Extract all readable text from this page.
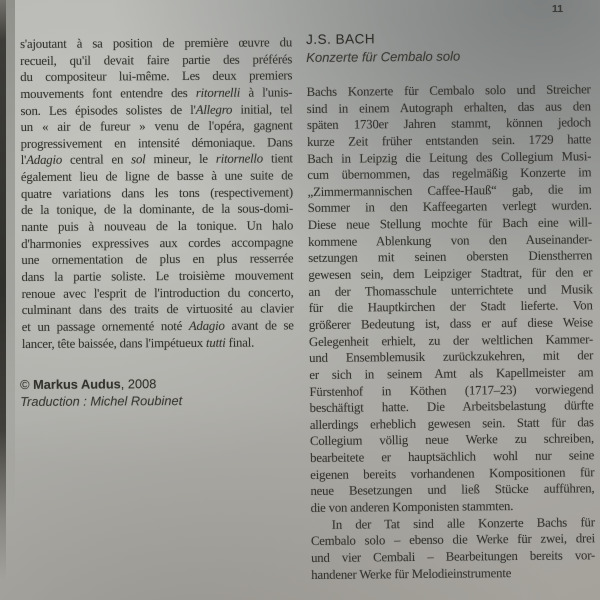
11
s'ajoutant à sa position de première œuvre du
recueil, qu'il devait faire partie des préférés
du compositeur lui-même. Les deux premiers
mouvements font entendre des ritornelli à l'unis-
son. Les épisodes solistes de l'Allegro initial, tel
un « air de fureur » venu de l'opéra, gagnent
progressivement en intensité démoniaque. Dans
l'Adagio central en sol mineur, le ritornello tient
également lieu de ligne de basse à une suite de
quatre variations dans les tons (respectivement)
de la tonique, de la dominante, de la sous-domi-
nante puis à nouveau de la tonique. Un halo
d'harmonies expressives aux cordes accompagne
une ornementation de plus en plus resserrée
dans la partie soliste. Le troisième mouvement
renoue avec l'esprit de l'introduction du concerto,
culminant dans des traits de virtuosité au clavier
et un passage ornementé noté Adagio avant de se
lancer, tête baissée, dans l'impétueux tutti final.
© Markus Audus, 2008
Traduction : Michel Roubinet
J.S. BACH
Konzerte für Cembalo solo
Bachs Konzerte für Cembalo solo und Streicher
sind in einem Autograph erhalten, das aus den
späten 1730er Jahren stammt, können jedoch
kurze Zeit früher entstanden sein. 1729 hatte
Bach in Leipzig die Leitung des Collegium Musi-
cum übernommen, das regelmäßig Konzerte im
„Zimmermannischen Caffee-Hauß“ gab, die im
Sommer in den Kaffeegarten verlegt wurden.
Diese neue Stellung mochte für Bach eine will-
kommene Ablenkung von den Auseinander-
setzungen mit seinen obersten Dienstherren
gewesen sein, dem Leipziger Stadtrat, für den er
an der Thomasschule unterrichtete und Musik
für die Hauptkirchen der Stadt lieferte. Von
größerer Bedeutung ist, dass er auf diese Weise
Gelegenheit erhielt, zu der weltlichen Kammer-
und Ensemblemusik zurückzukehren, mit der
er sich in seinem Amt als Kapellmeister am
Fürstenhof in Köthen (1717–23) vorwiegend
beschäftigt hatte. Die Arbeitsbelastung dürfte
allerdings erheblich gewesen sein. Statt für das
Collegium völlig neue Werke zu schreiben,
bearbeitete er hauptsächlich wohl nur seine
eigenen bereits vorhandenen Kompositionen für
neue Besetzungen und ließ Stücke aufführen,
die von anderen Komponisten stammten.
In der Tat sind alle Konzerte Bachs für
Cembalo solo – ebenso die Werke für zwei, drei
und vier Cembali – Bearbeitungen bereits vor-
handener Werke für Melodieinstrumente
